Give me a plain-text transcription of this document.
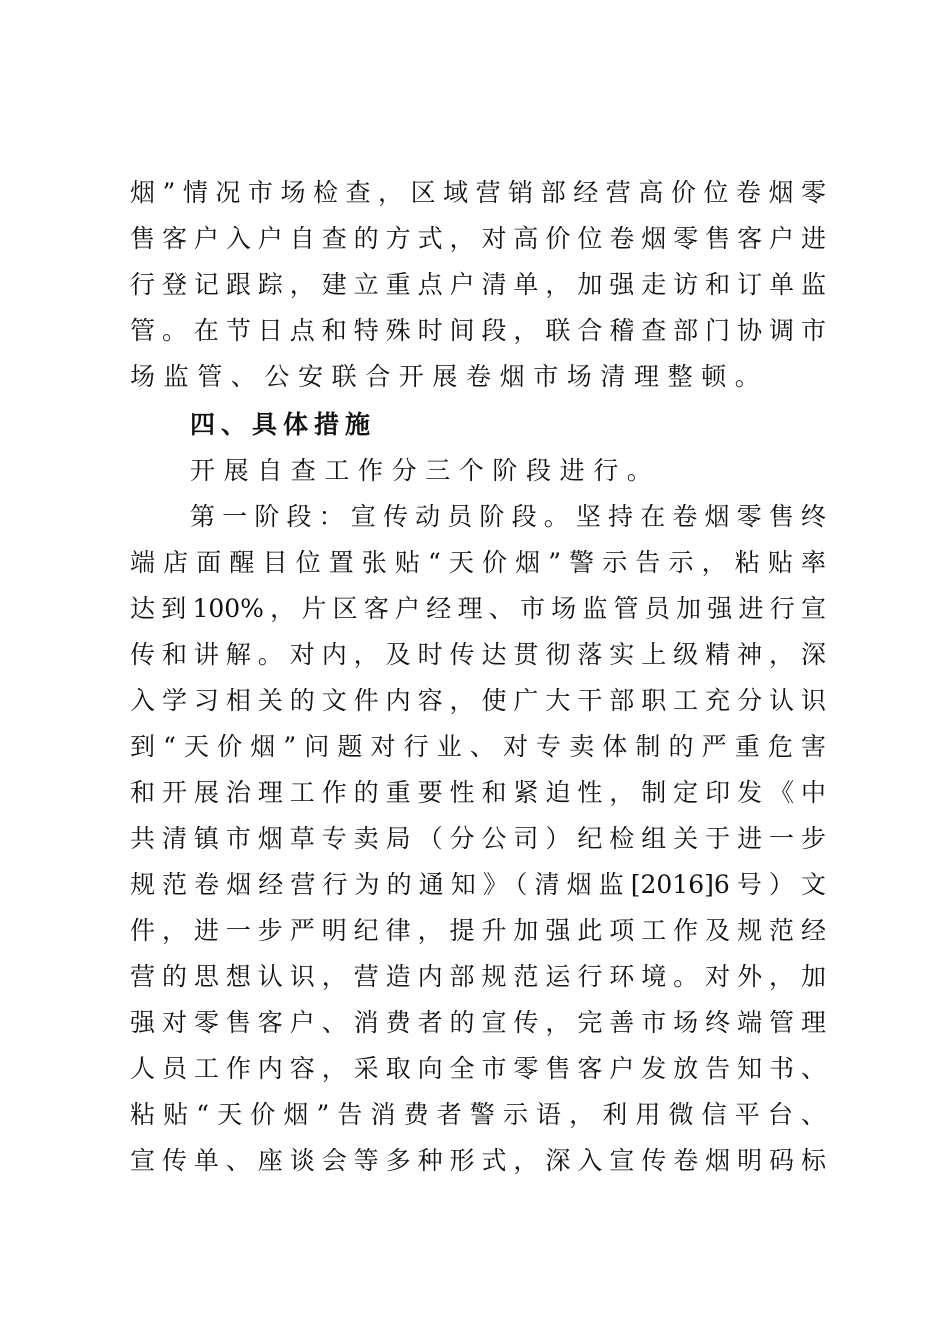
烟”情况市场检查，区域营销部经营高价位卷烟零
售客户入户自查的方式，对高价位卷烟零售客户进
行登记跟踪，建立重点户清单，加强走访和订单监
管。在节日点和特殊时间段，联合稽查部门协调市
场监管、公安联合开展卷烟市场清理整顿。
四、具体措施
开展自查工作分三个阶段进行。
第一阶段：宣传动员阶段。坚持在卷烟零售终
端店面醒目位置张贴“天价烟”警示告示，粘贴率
达到100%，片区客户经理、市场监管员加强进行宣
传和讲解。对内，及时传达贯彻落实上级精神，深
入学习相关的文件内容，使广大干部职工充分认识
到“天价烟”问题对行业、对专卖体制的严重危害
和开展治理工作的重要性和紧迫性，制定印发《中
共清镇市烟草专卖局（分公司）纪检组关于进一步
规范卷烟经营行为的通知》（清烟监[2016]6号）文
件，进一步严明纪律，提升加强此项工作及规范经
营的思想认识，营造内部规范运行环境。对外，加
强对零售客户、消费者的宣传，完善市场终端管理
人员工作内容，采取向全市零售客户发放告知书、
粘贴“天价烟”告消费者警示语，利用微信平台、
宣传单、座谈会等多种形式，深入宣传卷烟明码标
